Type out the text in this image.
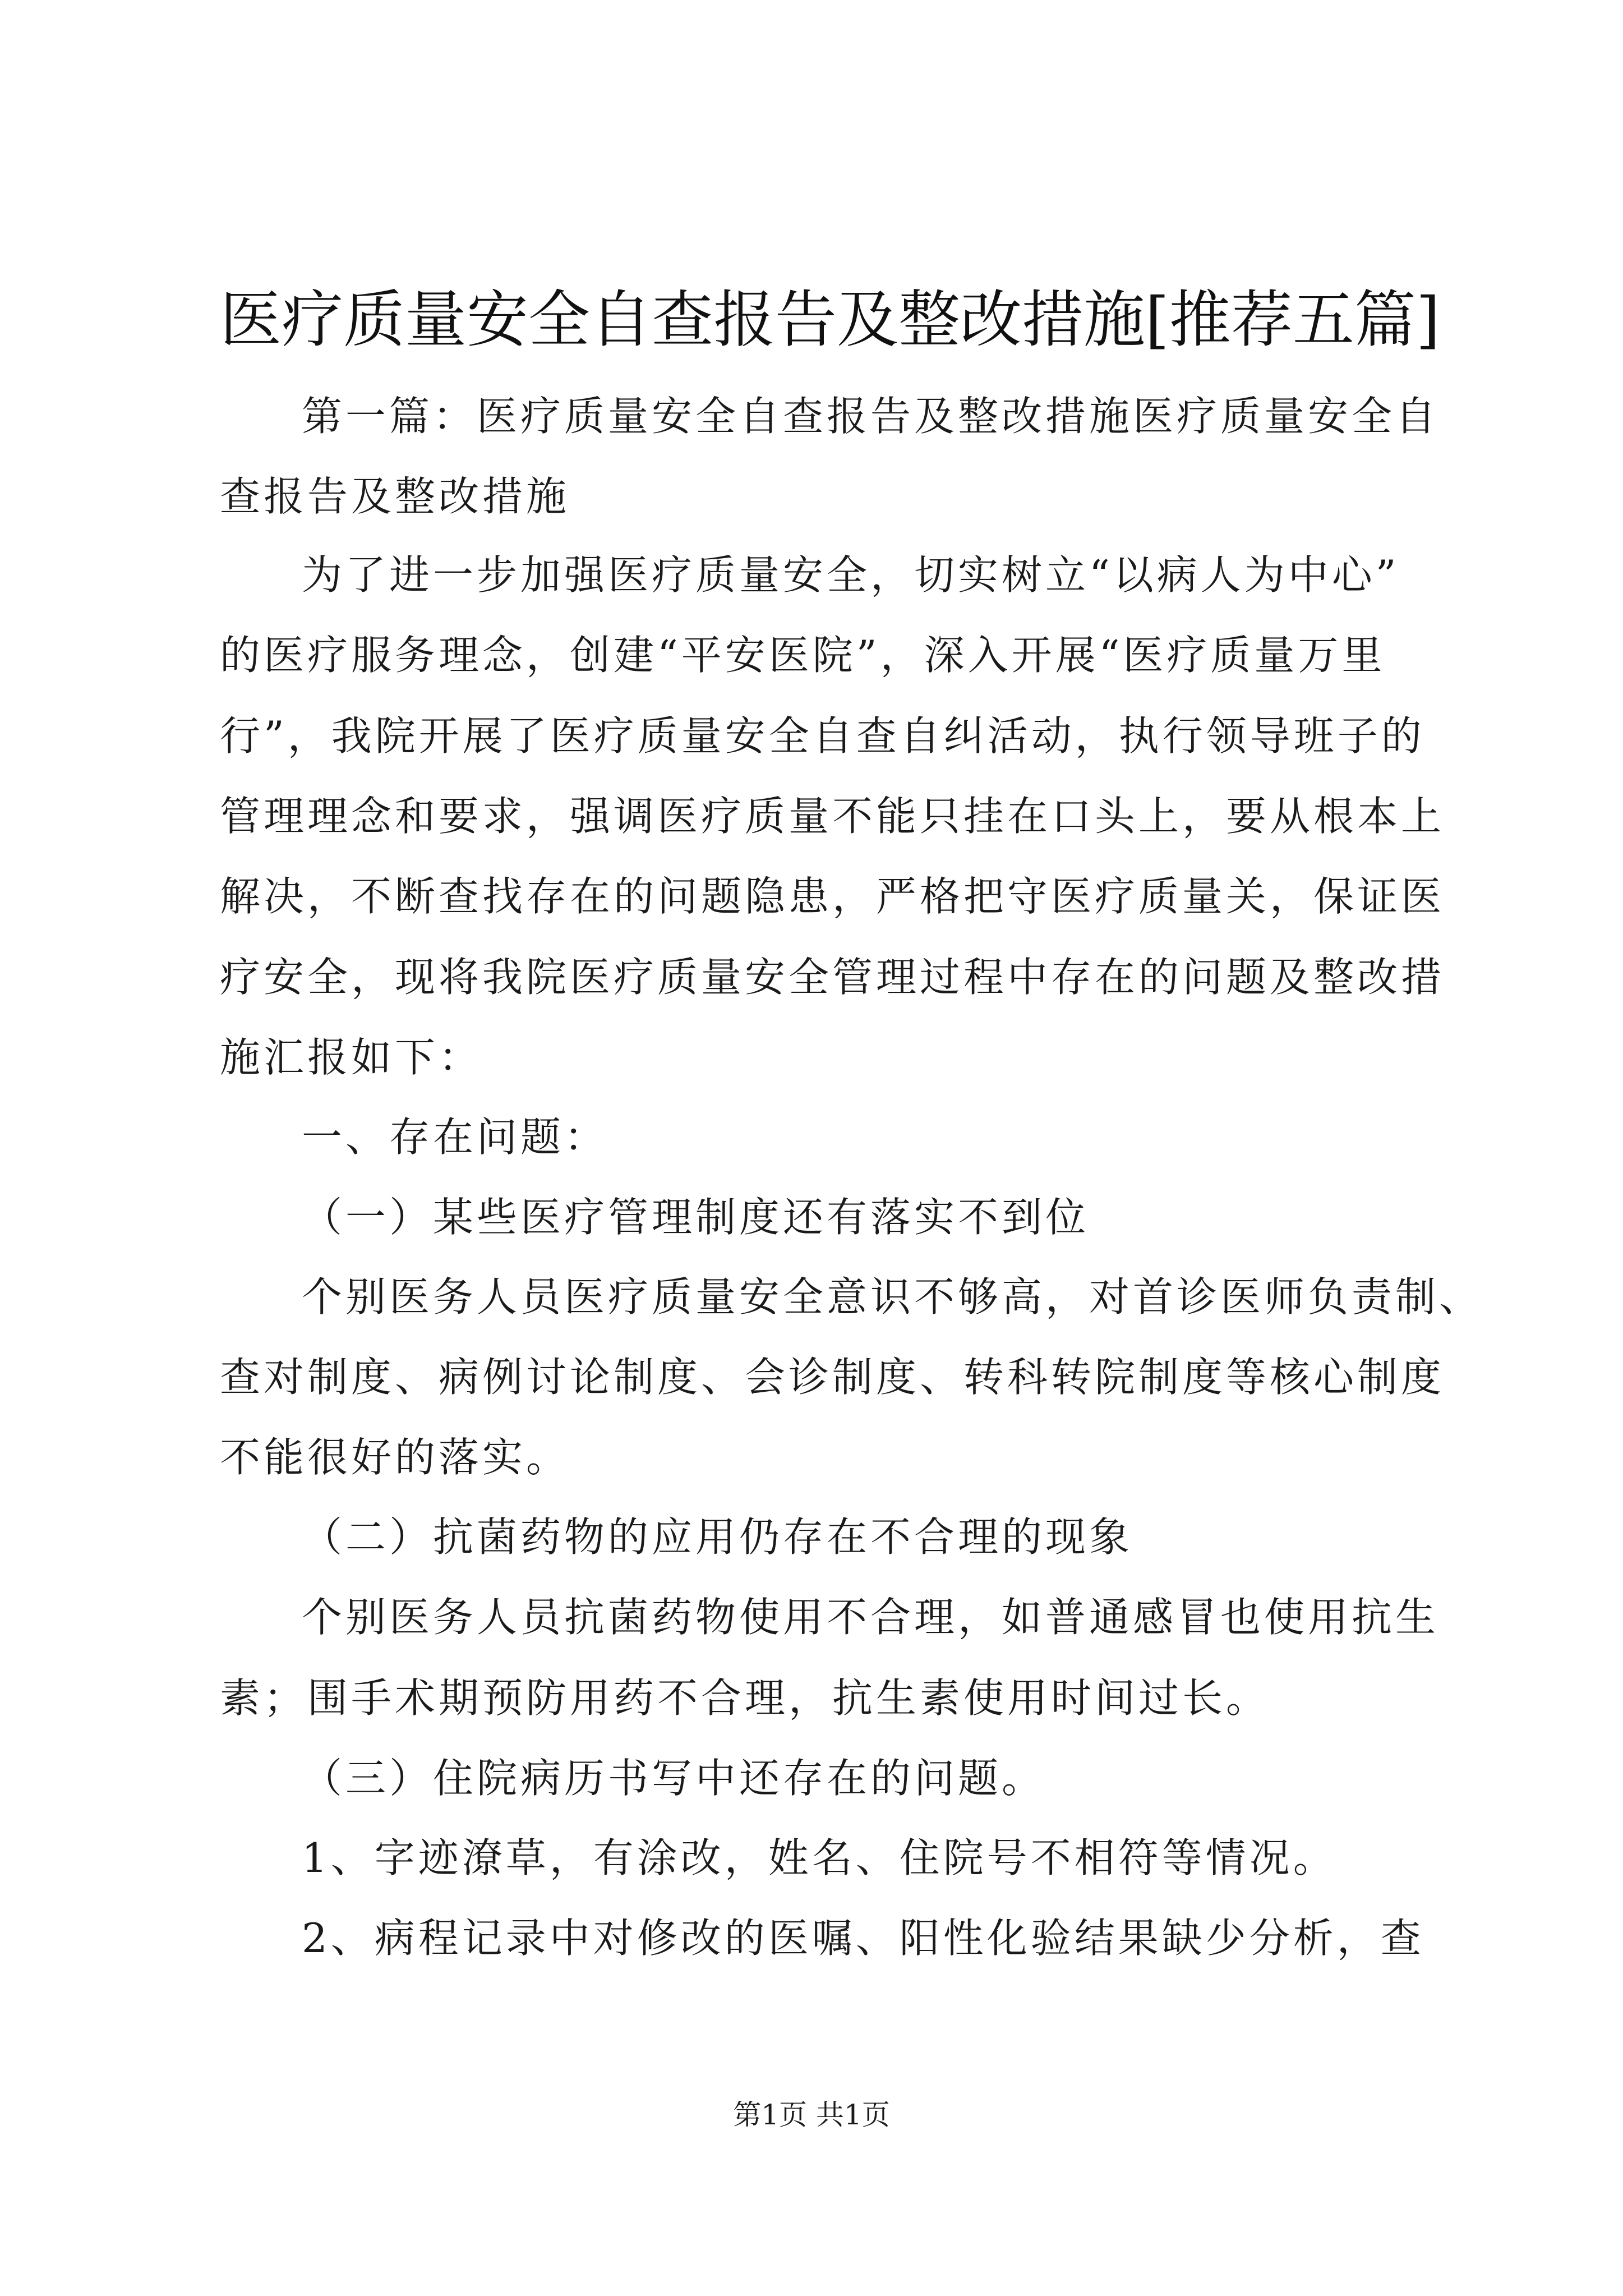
医疗质量安全自查报告及整改措施[推荐五篇]
第一篇：医疗质量安全自查报告及整改措施医疗质量安全自
查报告及整改措施
为了进一步加强医疗质量安全，切实树立“以病人为中心”
的医疗服务理念，创建“平安医院”，深入开展“医疗质量万里
行”，我院开展了医疗质量安全自查自纠活动，执行领导班子的
管理理念和要求，强调医疗质量不能只挂在口头上，要从根本上
解决，不断查找存在的问题隐患，严格把守医疗质量关，保证医
疗安全，现将我院医疗质量安全管理过程中存在的问题及整改措
施汇报如下：
一、存在问题：
（一）某些医疗管理制度还有落实不到位
个别医务人员医疗质量安全意识不够高，对首诊医师负责制、
查对制度、病例讨论制度、会诊制度、转科转院制度等核心制度
不能很好的落实。
（二）抗菌药物的应用仍存在不合理的现象
个别医务人员抗菌药物使用不合理，如普通感冒也使用抗生
素；围手术期预防用药不合理，抗生素使用时间过长。
（三）住院病历书写中还存在的问题。
1、字迹潦草，有涂改，姓名、住院号不相符等情况。
2、病程记录中对修改的医嘱、阳性化验结果缺少分析，查
第1页 共1页
